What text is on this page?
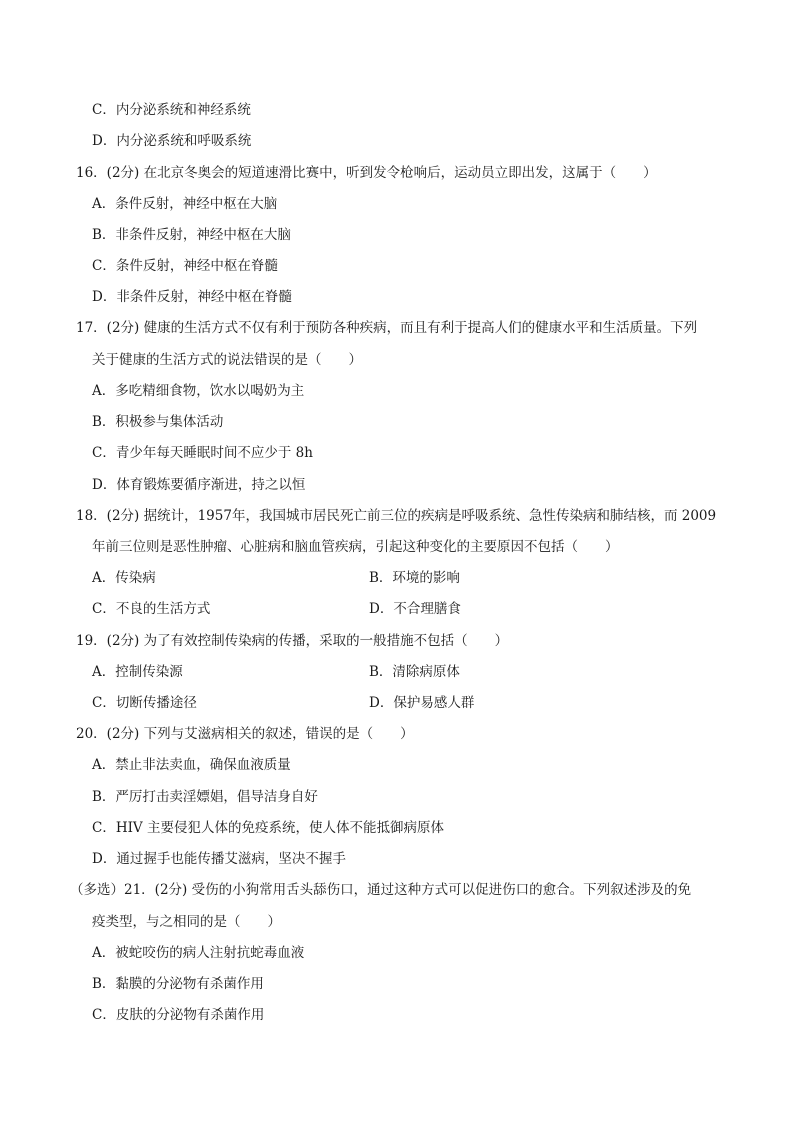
C．内分泌系统和神经系统
D．内分泌系统和呼吸系统
16．(2分) 在北京冬奥会的短道速滑比赛中，听到发令枪响后，运动员立即出发，这属于（　　）
A．条件反射，神经中枢在大脑
B．非条件反射，神经中枢在大脑
C．条件反射，神经中枢在脊髓
D．非条件反射，神经中枢在脊髓
17．(2分) 健康的生活方式不仅有利于预防各种疾病，而且有利于提高人们的健康水平和生活质量。下列
关于健康的生活方式的说法错误的是（　　）
A．多吃精细食物，饮水以喝奶为主
B．积极参与集体活动
C．青少年每天睡眠时间不应少于 8h
D．体育锻炼要循序渐进，持之以恒
18．(2分) 据统计，1957年，我国城市居民死亡前三位的疾病是呼吸系统、急性传染病和肺结核，而 2009
年前三位则是恶性肿瘤、心脏病和脑血管疾病，引起这种变化的主要原因不包括（　　）
A．传染病	B．环境的影响
C．不良的生活方式	D．不合理膳食
19．(2分) 为了有效控制传染病的传播，采取的一般措施不包括（　　）
A．控制传染源	B．清除病原体
C．切断传播途径	D．保护易感人群
20．(2分) 下列与艾滋病相关的叙述，错误的是（　　）
A．禁止非法卖血，确保血液质量
B．严厉打击卖淫嫖娼，倡导洁身自好
C．HIV 主要侵犯人体的免疫系统，使人体不能抵御病原体
D．通过握手也能传播艾滋病，坚决不握手
（多选）21．(2分) 受伤的小狗常用舌头舔伤口，通过这种方式可以促进伤口的愈合。下列叙述涉及的免
疫类型，与之相同的是（　　）
A．被蛇咬伤的病人注射抗蛇毒血液
B．黏膜的分泌物有杀菌作用
C．皮肤的分泌物有杀菌作用
